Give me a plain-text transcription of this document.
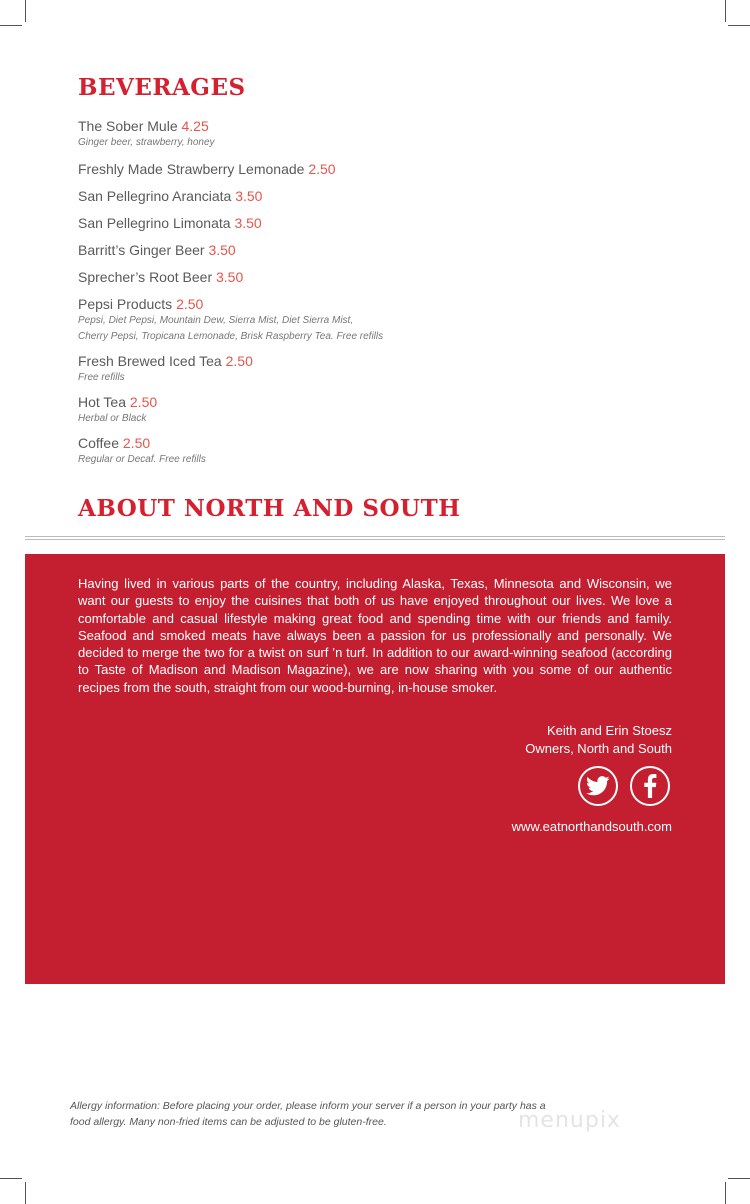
BEVERAGES
The Sober Mule 4.25
Ginger beer, strawberry, honey
Freshly Made Strawberry Lemonade 2.50
San Pellegrino Aranciata 3.50
San Pellegrino Limonata 3.50
Barritt’s Ginger Beer 3.50
Sprecher’s Root Beer 3.50
Pepsi Products 2.50
Pepsi, Diet Pepsi, Mountain Dew, Sierra Mist, Diet Sierra Mist,
Cherry Pepsi, Tropicana Lemonade, Brisk Raspberry Tea. Free refills
Fresh Brewed Iced Tea 2.50
Free refills
Hot Tea 2.50
Herbal or Black
Coffee 2.50
Regular or Decaf. Free refills
ABOUT NORTH AND SOUTH

Having lived in various parts of the country, including Alaska, Texas, Minnesota and Wisconsin, we want our guests to enjoy the cuisines that both of us have enjoyed throughout our lives. We love a comfortable and casual lifestyle making great food and spending time with our friends and family. Seafood and smoked meats have always been a passion for us professionally and personally. We decided to merge the two for a twist on surf ’n turf. In addition to our award-winning seafood (according to Taste of Madison and Madison Magazine), we are now sharing with you some of our authentic recipes from the south, straight from our wood-burning, in-house smoker.

Keith and Erin Stoesz
Owners, North and South
www.eatnorthandsouth.com

Allergy information: Before placing your order, please inform your server if a person in your party has a
food allergy. Many non-fried items can be adjusted to be gluten-free.	menupix
